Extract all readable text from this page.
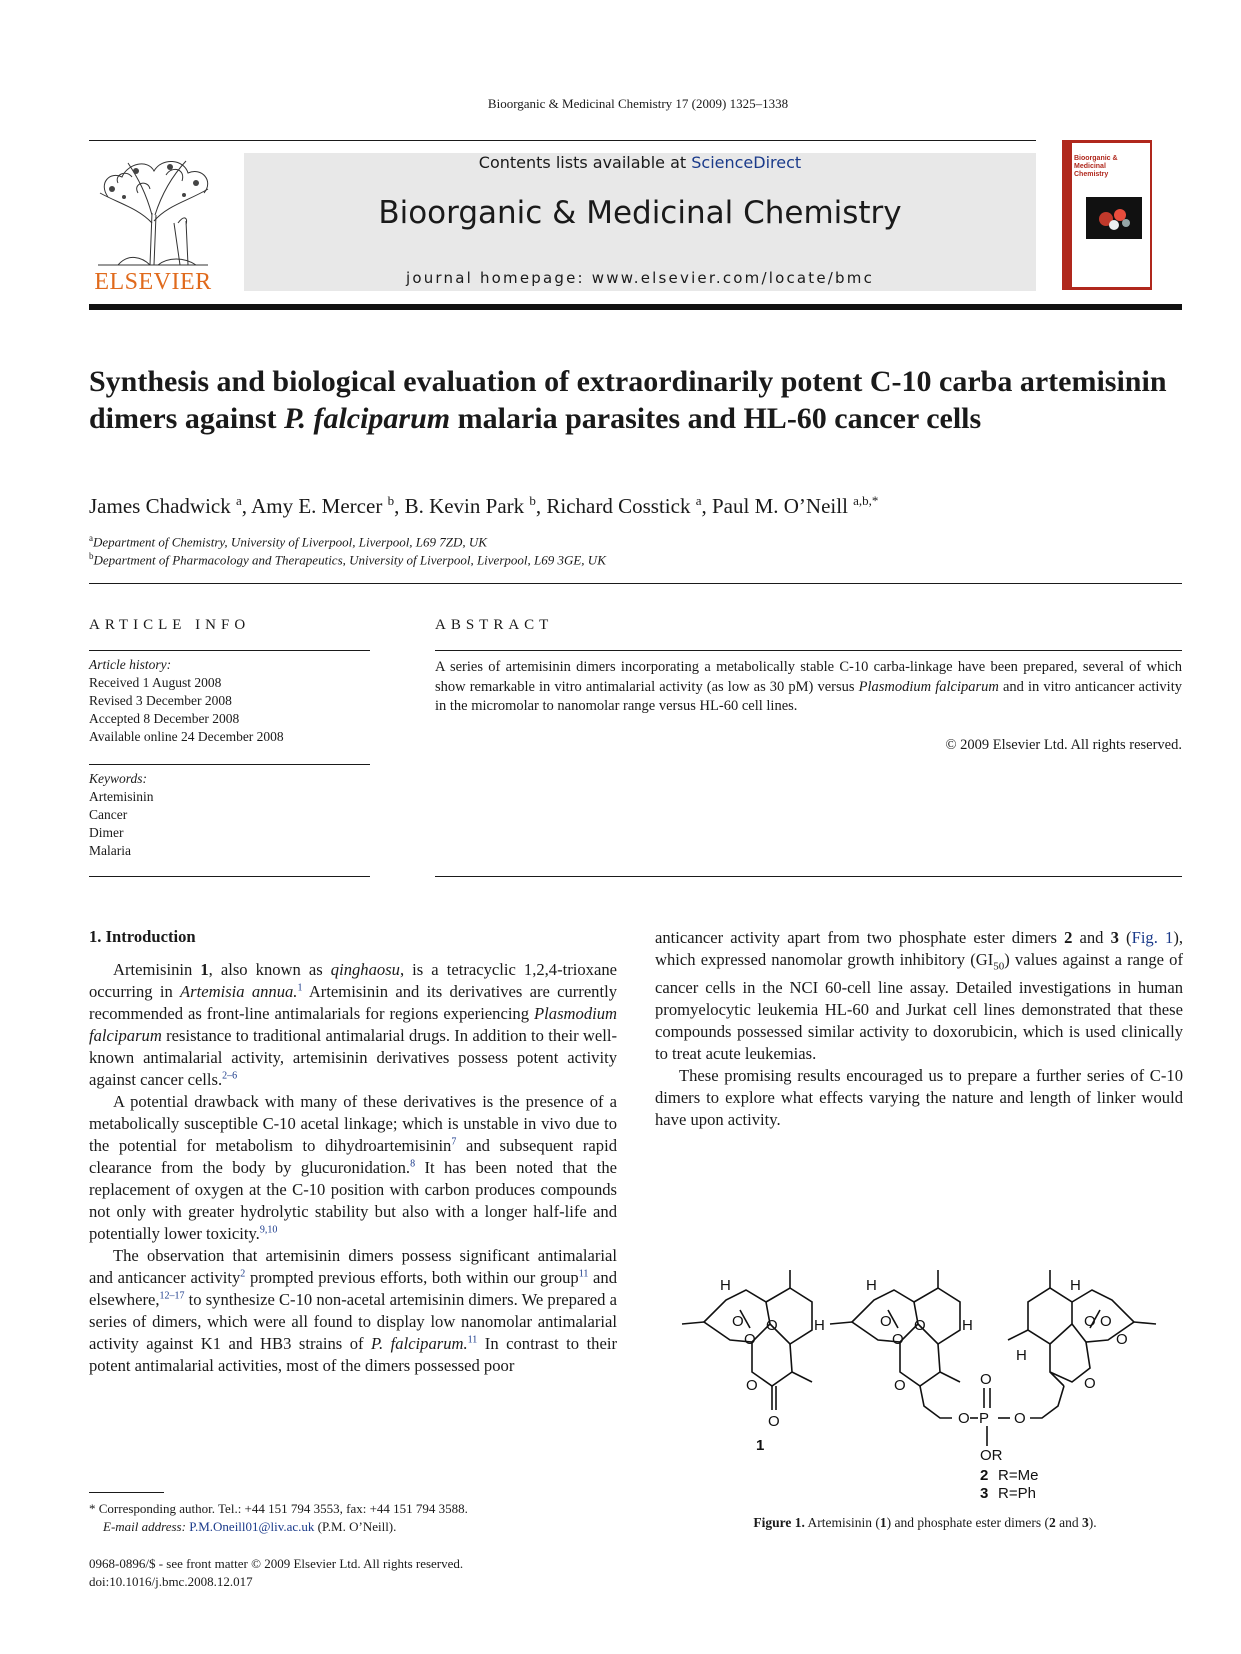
Bioorganic & Medicinal Chemistry 17 (2009) 1325–1338
ELSEVIER
Contents lists available at ScienceDirect
Bioorganic & Medicinal Chemistry
journal homepage: www.elsevier.com/locate/bmc
Bioorganic & Medicinal Chemistry
Synthesis and biological evaluation of extraordinarily potent C-10 carba artemisinin dimers against P. falciparum malaria parasites and HL-60 cancer cells
James Chadwick $^a$, Amy E. Mercer $^b$, B. Kevin Park $^b$, Richard Cosstick $^a$, Paul M. O’Neill $^{a,b,*}$
$^a$Department of Chemistry, University of Liverpool, Liverpool, L69 7ZD, UK
$^b$Department of Pharmacology and Therapeutics, University of Liverpool, Liverpool, L69 3GE, UK
ARTICLE INFO
Article history:
Received 1 August 2008
Revised 3 December 2008
Accepted 8 December 2008
Available online 24 December 2008
Keywords:
Artemisinin
Cancer
Dimer
Malaria
ABSTRACT
A series of artemisinin dimers incorporating a metabolically stable C-10 carba-linkage have been prepared, several of which show remarkable in vitro antimalarial activity (as low as 30 pM) versus Plasmodium falciparum and in vitro anticancer activity in the micromolar to nanomolar range versus HL-60 cell lines.
© 2009 Elsevier Ltd. All rights reserved.
1. Introduction

Artemisinin 1, also known as qinghaosu, is a tetracyclic 1,2,4-trioxane occurring in Artemisia annua.$^1$ Artemisinin and its derivatives are currently recommended as front-line antimalarials for regions experiencing Plasmodium falciparum resistance to traditional antimalarial drugs. In addition to their well-known antimalarial activity, artemisinin derivatives possess potent activity against cancer cells.$^{2-6}$

A potential drawback with many of these derivatives is the presence of a metabolically susceptible C-10 acetal linkage; which is unstable in vivo due to the potential for metabolism to dihydroartemisinin$^7$ and subsequent rapid clearance from the body by glucuronidation.$^8$ It has been noted that the replacement of oxygen at the C-10 position with carbon produces compounds not only with greater hydrolytic stability but also with a longer half-life and potentially lower toxicity.$^{9,10}$

The observation that artemisinin dimers possess significant antimalarial and anticancer activity$^2$ prompted previous efforts, both within our group$^{11}$ and elsewhere,$^{12-17}$ to synthesize C-10 non-acetal artemisinin dimers. We prepared a series of dimers, which were all found to display low nanomolar antimalarial activity against K1 and HB3 strains of P. falciparum.$^{11}$ In contrast to their potent antimalarial activities, most of the dimers possessed poor

anticancer activity apart from two phosphate ester dimers 2 and 3 (Fig. 1), which expressed nanomolar growth inhibitory $(GI_{50})$ values against a range of cancer cells in the NCI 60-cell line assay. Detailed investigations in human promyelocytic leukemia HL-60 and Jurkat cell lines demonstrated that these compounds possessed similar activity to doxorubicin, which is used clinically to treat acute leukemias.

These promising results encouraged us to prepare a further series of C-10 dimers to explore what effects varying the nature and length of linker would have upon activity.

H
O
O
O
O
O
H
H
O
O
O
O
H
O P
O
O
OR
H
O O
O
O
H
1
2 R=Me
3 R=Ph
Figure 1. Artemisinin (1) and phosphate ester dimers (2 and 3).
* Corresponding author. Tel.: +44 151 794 3553, fax: +44 151 794 3588.
E-mail address: P.M.Oneill01@liv.ac.uk (P.M. O’Neill).
0968-0896/$ - see front matter © 2009 Elsevier Ltd. All rights reserved.
doi:10.1016/j.bmc.2008.12.017
